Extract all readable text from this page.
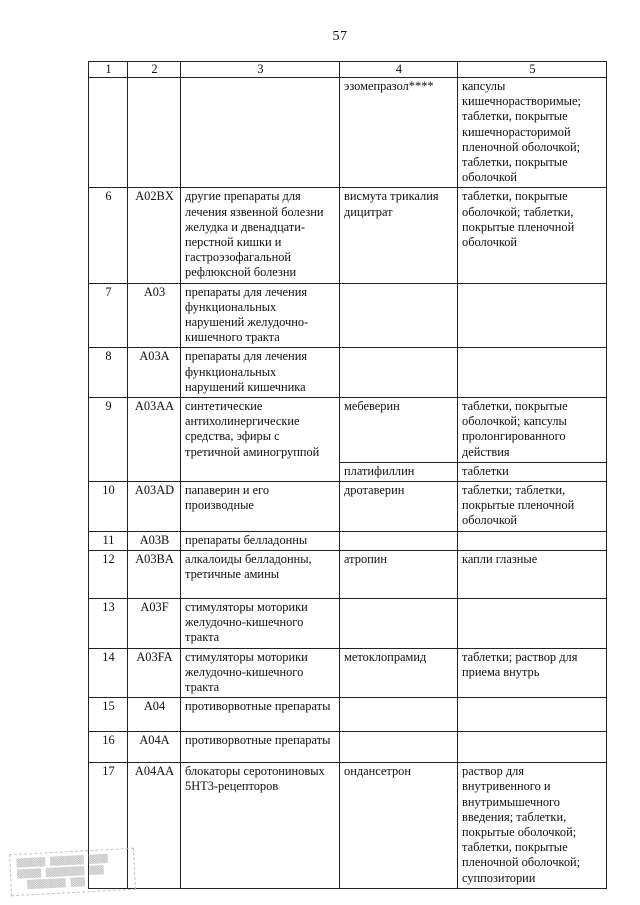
57
1	2	3	4	5
			эзомепразол****	капсулы кишечнорастворимые; таблетки, покрытые кишечнорасторимой пленочной оболочкой; таблетки, покрытые оболочкой
6	A02BX	другие препараты для лечения язвенной болезни желудка и двенадцати-перстной кишки и гастроэзофагальной рефлюксной болезни	висмута трикалия дицитрат	таблетки, покрытые оболочкой; таблетки, покрытые пленочной оболочкой
7	A03	препараты для лечения функциональных нарушений желудочно-кишечного тракта		
8	A03A	препараты для лечения функциональных нарушений кишечника		
9	A03AA	синтетические антихолинергические средства, эфиры с третичной аминогруппой	мебеверин	таблетки, покрытые оболочкой; капсулы пролонгированного действия
			платифиллин	таблетки
10	A03AD	папаверин и его производные	дротаверин	таблетки; таблетки, покрытые пленочной оболочкой
11	A03B	препараты белладонны		
12	A03BA	алкалоиды белладонны, третичные амины	атропин	капли глазные
13	A03F	стимуляторы моторики желудочно-кишечного тракта		
14	A03FA	стимуляторы моторики желудочно-кишечного тракта	метоклопрамид	таблетки; раствор для приема внутрь
15	A04	противорвотные препараты		
16	A04A	противорвотные препараты		
17	A04AA	блокаторы серотониновых 5НТ3-рецепторов	ондансетрон	раствор для внутривенного и внутримышечного введения; таблетки, покрытые оболочкой; таблетки, покрытые пленочной оболочкой; суппозитории
▒▒▒▒▒▒ ▒▒▒▒▒▒▒ ▒▒▒▒
▒▒▒▒▒ ▒▒▒▒▒▒▒▒ ▒▒▒
▒▒▒▒▒▒▒▒ ▒▒▒
